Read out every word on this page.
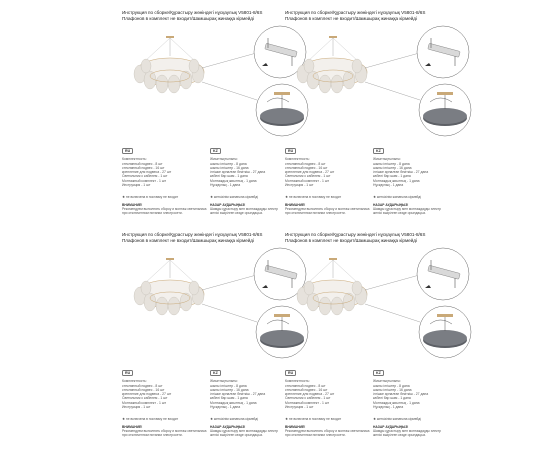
Инструкция по сборке/Құрастыру жөніндегі нұсқаулық V5801-8/6S
Плафонов в комплект не входит/Шамшырақ жинаққа кірмейді
RU
Комплектность:
стеклянный подвес - 8 шт
стеклянный подвес - 16 шт
крепление для подвеса - 27 шт
Светильник с кабелем - 1 шт
Монтажный комплект - 1 шт
Инструкция - 1 шт
KZ
Жиынтықтылығы:
шыны ілгіштер - 8 дана
шыны ілгіштер - 16 дана
ілгішке арналған бекіткіш - 27 дана
кабелі бар шам - 1 дана
Монтаждық жиынтық - 1 дана
Нұсқаулық - 1 дана
★ не включена в поставку не входит	★ жеткізілім жинағына кірмейді
ВНИМАНИЕ!
Рекомендуем выполнять сборку и монтаж светильника
при отключенном питании электросети.
НАЗАР АУДАРЫҢЫЗ!
Шамды құрастыру мен монтаждауды электр
желісі өшірілген кезде орындаңыз.
Инструкция по сборке/Құрастыру жөніндегі нұсқаулық V5801-8/6S
Плафонов в комплект не входит/Шамшырақ жинаққа кірмейді
RU
Комплектность:
стеклянный подвес - 8 шт
стеклянный подвес - 16 шт
крепление для подвеса - 27 шт
Светильник с кабелем - 1 шт
Монтажный комплект - 1 шт
Инструкция - 1 шт
KZ
Жиынтықтылығы:
шыны ілгіштер - 8 дана
шыны ілгіштер - 16 дана
ілгішке арналған бекіткіш - 27 дана
кабелі бар шам - 1 дана
Монтаждық жиынтық - 1 дана
Нұсқаулық - 1 дана
★ не включена в поставку не входит	★ жеткізілім жинағына кірмейді
ВНИМАНИЕ!
Рекомендуем выполнять сборку и монтаж светильника
при отключенном питании электросети.
НАЗАР АУДАРЫҢЫЗ!
Шамды құрастыру мен монтаждауды электр
желісі өшірілген кезде орындаңыз.
Инструкция по сборке/Құрастыру жөніндегі нұсқаулық V5801-8/6S
Плафонов в комплект не входит/Шамшырақ жинаққа кірмейді
RU
Комплектность:
стеклянный подвес - 8 шт
стеклянный подвес - 16 шт
крепление для подвеса - 27 шт
Светильник с кабелем - 1 шт
Монтажный комплект - 1 шт
Инструкция - 1 шт
KZ
Жиынтықтылығы:
шыны ілгіштер - 8 дана
шыны ілгіштер - 16 дана
ілгішке арналған бекіткіш - 27 дана
кабелі бар шам - 1 дана
Монтаждық жиынтық - 1 дана
Нұсқаулық - 1 дана
★ не включена в поставку не входит	★ жеткізілім жинағына кірмейді
ВНИМАНИЕ!
Рекомендуем выполнять сборку и монтаж светильника
при отключенном питании электросети.
НАЗАР АУДАРЫҢЫЗ!
Шамды құрастыру мен монтаждауды электр
желісі өшірілген кезде орындаңыз.
Инструкция по сборке/Құрастыру жөніндегі нұсқаулық V5801-8/6S
Плафонов в комплект не входит/Шамшырақ жинаққа кірмейді
RU
Комплектность:
стеклянный подвес - 8 шт
стеклянный подвес - 16 шт
крепление для подвеса - 27 шт
Светильник с кабелем - 1 шт
Монтажный комплект - 1 шт
Инструкция - 1 шт
KZ
Жиынтықтылығы:
шыны ілгіштер - 8 дана
шыны ілгіштер - 16 дана
ілгішке арналған бекіткіш - 27 дана
кабелі бар шам - 1 дана
Монтаждық жиынтық - 1 дана
Нұсқаулық - 1 дана
★ не включена в поставку не входит	★ жеткізілім жинағына кірмейді
ВНИМАНИЕ!
Рекомендуем выполнять сборку и монтаж светильника
при отключенном питании электросети.
НАЗАР АУДАРЫҢЫЗ!
Шамды құрастыру мен монтаждауды электр
желісі өшірілген кезде орындаңыз.
